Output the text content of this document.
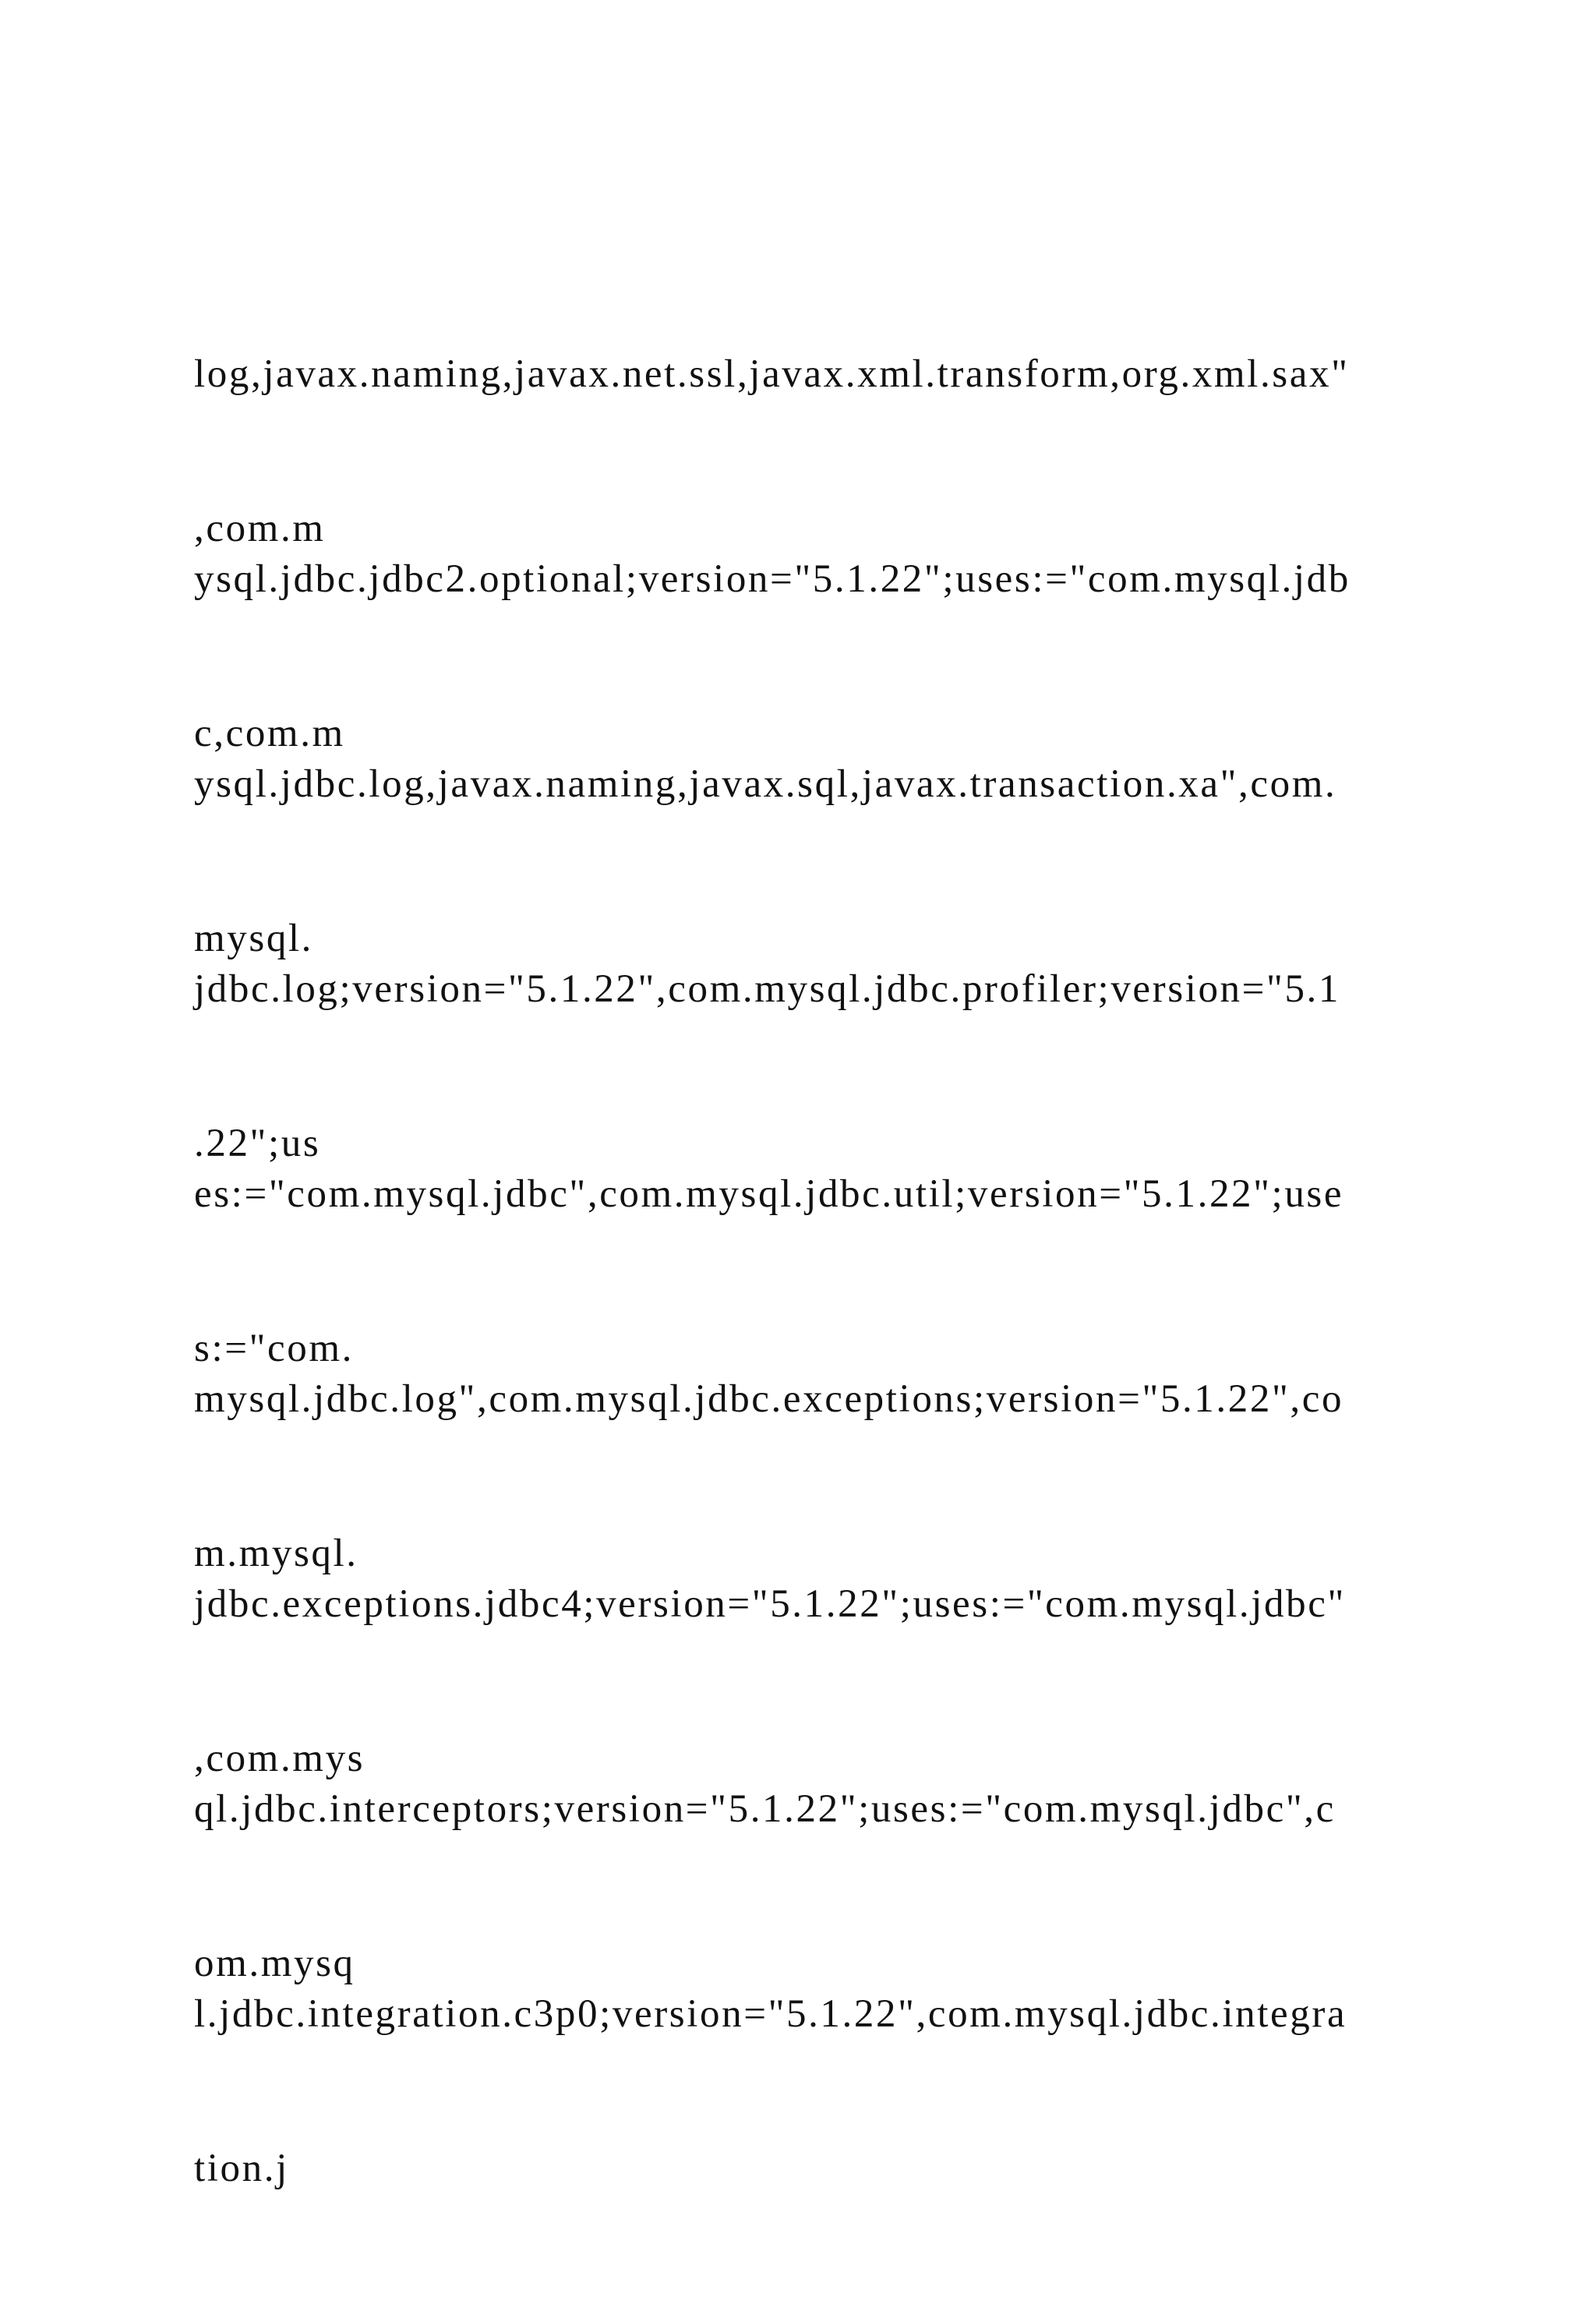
log,javax.naming,javax.net.ssl,javax.xml.transform,org.xml.sax"

,com.m

ysql.jdbc.jdbc2.optional;version="5.1.22";uses:="com.mysql.jdb

c,com.m

ysql.jdbc.log,javax.naming,javax.sql,javax.transaction.xa",com.

mysql.

jdbc.log;version="5.1.22",com.mysql.jdbc.profiler;version="5.1

.22";us

es:="com.mysql.jdbc",com.mysql.jdbc.util;version="5.1.22";use

s:="com.

mysql.jdbc.log",com.mysql.jdbc.exceptions;version="5.1.22",co

m.mysql.

jdbc.exceptions.jdbc4;version="5.1.22";uses:="com.mysql.jdbc"

,com.mys

ql.jdbc.interceptors;version="5.1.22";uses:="com.mysql.jdbc",c

om.mysq

l.jdbc.integration.c3p0;version="5.1.22",com.mysql.jdbc.integra

tion.j
